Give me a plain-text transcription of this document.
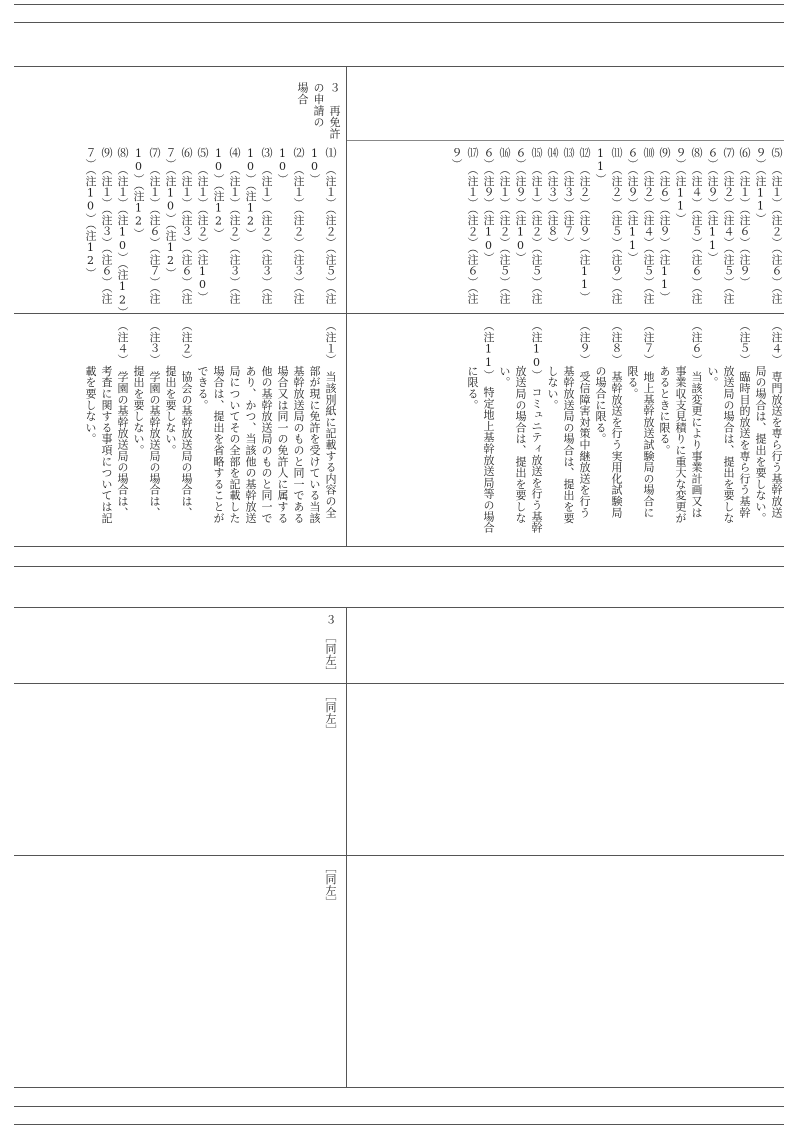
３　再免許
の申請の
場合
⑸　（注１）（注２）（注６）（注
９）（注11）
⑹　（注１）（注６）（注９）
⑺　（注２）（注４）（注５）（注
６）（注９）（注11）
⑻　（注４）（注５）（注６）（注
９）（注11）
⑼　（注６）（注９）（注11）
⑽　（注２）（注４）（注５）（注
６）（注９）（注11）
⑾　（注２）（注５）（注９）（注
11）
⑿　（注２）（注９）（注11）
⒀　（注３）（注７）
⒁　（注３）（注８）
⒂　（注１）（注２）（注５）（注
６）（注９）（注10）
⒃　（注１）（注２）（注５）（注
６）（注９）（注10）
⒄　（注１）（注２）（注６）（注
９）
⑴　（注１）（注２）（注５）（注
10）
⑵　（注１）（注２）（注３）（注
10）
⑶　（注１）（注２）（注３）（注
10）（注12）
⑷　（注１）（注２）（注３）（注
10）（注12）
⑸　（注１）（注２）（注10）
⑹　（注１）（注３）（注６）（注
７）（注10）（注12）
⑺　（注１）（注６）（注７）（注
10）（注12）
⑻　（注１）（注10）（注12）
⑼　（注１）（注３）（注６）（注
７）（注10）（注12）
（注４）　専門放送を専ら行う基幹放送
　　　　局の場合は、提出を要しない。
（注５）　臨時目的放送を専ら行う基幹
　　　　放送局の場合は、提出を要しな
　　　　い。
（注６）　当該変更により事業計画又は
　　　　事業収支見積りに重大な変更が
　　　　あるときに限る。
（注７）　地上基幹放送試験局の場合に
　　　　限る。
（注８）　基幹放送を行う実用化試験局
　　　　の場合に限る。
（注９）　受信障害対策中継放送を行う
　　　　基幹放送局の場合は、提出を要
　　　　しない。
（注10）　コミュニティ放送を行う基幹
　　　　放送局の場合は、提出を要しな
　　　　い。
（注11）　特定地上基幹放送局等の場合
　　　　に限る。
（注１）　当該別紙に記載する内容の全
　　　　部が現に免許を受けている当該
　　　　基幹放送局のものと同一である
　　　　場合又は同一の免許人に属する
　　　　他の基幹放送局のものと同一で
　　　　あり、かつ、当該他の基幹放送
　　　　局についてその全部を記載した
　　　　場合は、提出を省略することが
　　　　できる。
（注２）　協会の基幹放送局の場合は、
　　　　提出を要しない。
（注３）　学園の基幹放送局の場合は、
　　　　提出を要しない。
（注４）　学園の基幹放送局の場合は、
　　　　考査に関する事項については記
　　　　載を要しない。
３　［同左］
［同左］
［同左］
